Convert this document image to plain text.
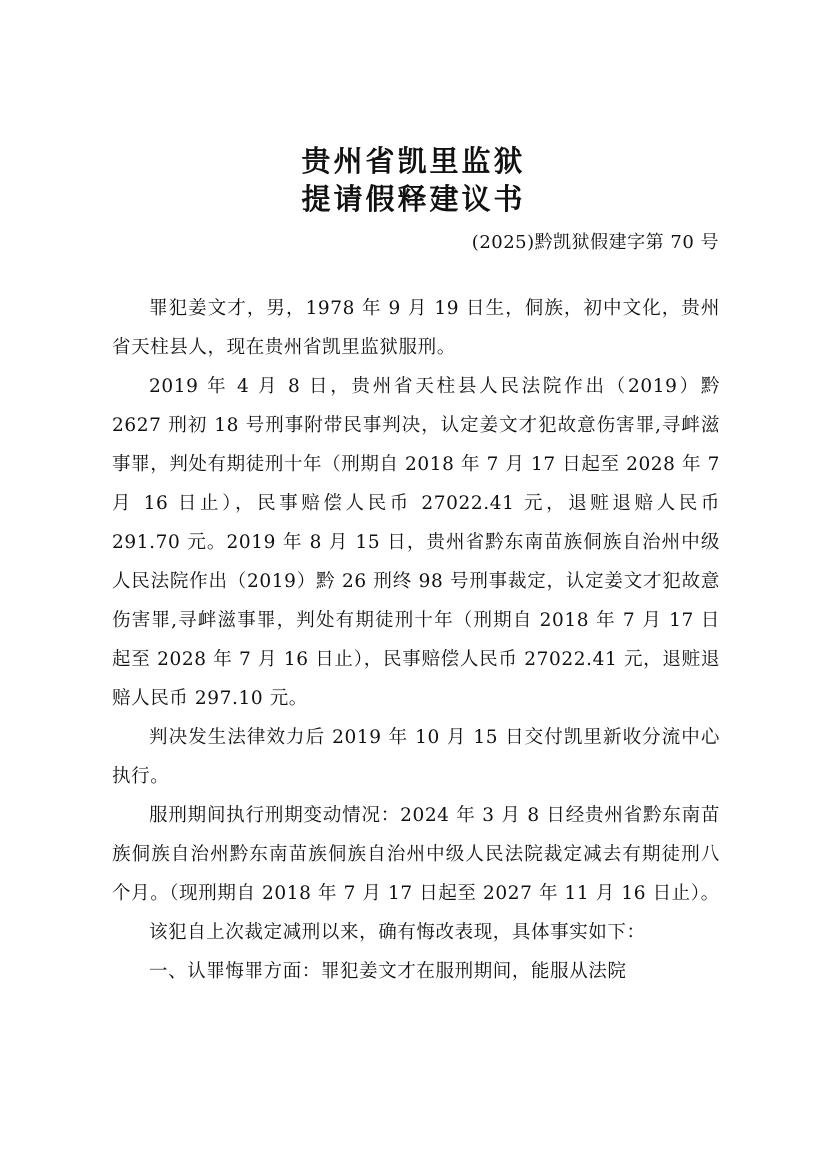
贵州省凯里监狱
提请假释建议书
(2025)黔凯狱假建字第 70 号

罪犯姜文才，男，1978 年 9 月 19 日生，侗族，初中文化，贵州省天柱县人，现在贵州省凯里监狱服刑。

2019 年 4 月 8 日，贵州省天柱县人民法院作出（2019）黔 2627 刑初 18 号刑事附带民事判决，认定姜文才犯故意伤害罪,寻衅滋事罪，判处有期徒刑十年（刑期自 2018 年 7 月 17 日起至 2028 年 7 月 16 日止），民事赔偿人民币 27022.41 元，退赃退赔人民币 291.70 元。2019 年 8 月 15 日，贵州省黔东南苗族侗族自治州中级人民法院作出（2019）黔 26 刑终 98 号刑事裁定，认定姜文才犯故意伤害罪,寻衅滋事罪，判处有期徒刑十年（刑期自 2018 年 7 月 17 日起至 2028 年 7 月 16 日止），民事赔偿人民币 27022.41 元，退赃退赔人民币 297.10 元。

判决发生法律效力后 2019 年 10 月 15 日交付凯里新收分流中心执行。

服刑期间执行刑期变动情况：2024 年 3 月 8 日经贵州省黔东南苗族侗族自治州黔东南苗族侗族自治州中级人民法院裁定减去有期徒刑八个月。（现刑期自 2018 年 7 月 17 日起至 2027 年 11 月 16 日止）。

该犯自上次裁定减刑以来，确有悔改表现，具体事实如下：

一、认罪悔罪方面：罪犯姜文才在服刑期间，能服从法院
